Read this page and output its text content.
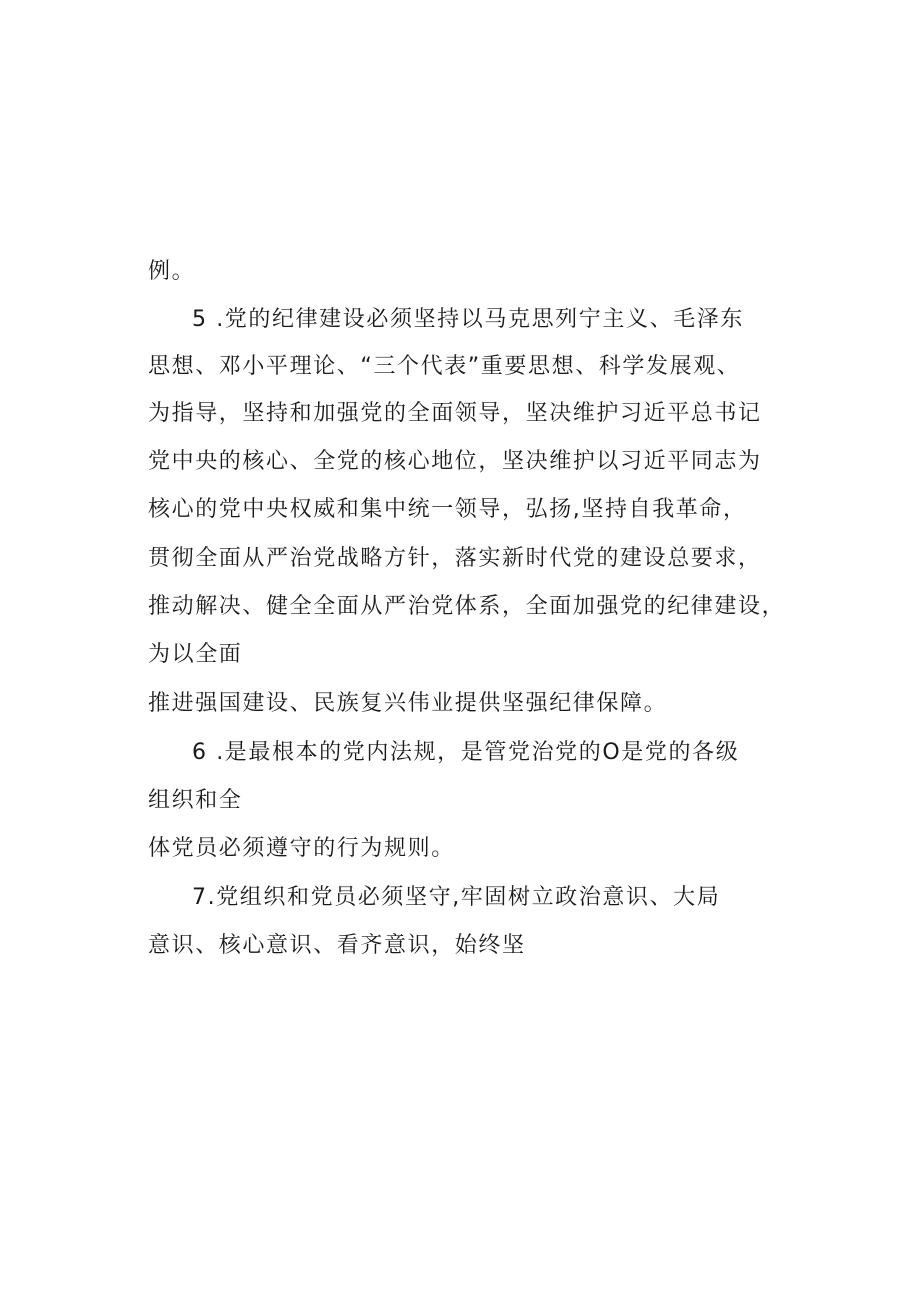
例。
5 .党的纪律建设必须坚持以马克思列宁主义、毛泽东
思想、邓小平理论、“三个代表”重要思想、科学发展观、
为指导，坚持和加强党的全面领导，坚决维护习近平总书记
党中央的核心、全党的核心地位，坚决维护以习近平同志为
核心的党中央权威和集中统一领导，弘扬,坚持自我革命，
贯彻全面从严治党战略方针，落实新时代党的建设总要求，
推动解决、健全全面从严治党体系，全面加强党的纪律建设，
为以全面
推进强国建设、民族复兴伟业提供坚强纪律保障。
6 .是最根本的党内法规，是管党治党的O是党的各级
组织和全
体党员必须遵守的行为规则。
7.党组织和党员必须坚守,牢固树立政治意识、大局
意识、核心意识、看齐意识，始终坚
